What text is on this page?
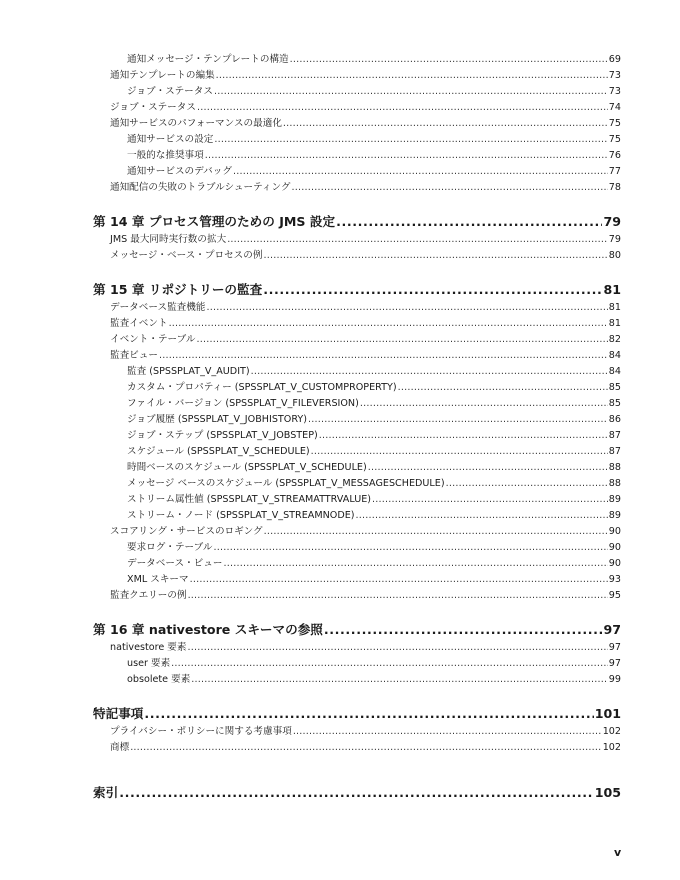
通知メッセージ・テンプレートの構造 .....	69
通知テンプレートの編集 .....	73
ジョブ・ステータス .....	73
ジョブ・ステータス .....	74
通知サービスのパフォーマンスの最適化 .....	75
通知サービスの設定 .....	75
一般的な推奨事項 .....	76
通知サービスのデバッグ .....	77
通知配信の失敗のトラブルシューティング .....	78
第 14 章 プロセス管理のための JMS 設定 .....	79
JMS 最大同時実行数の拡大 .....	79
メッセージ・ベース・プロセスの例 .....	80
第 15 章 リポジトリーの監査 .....	81
データベース監査機能 .....	81
監査イベント .....	81
イベント・テーブル .....	82
監査ビュー .....	84
監査 (SPSSPLAT_V_AUDIT) .....	84
カスタム・プロパティー (SPSSPLAT_V_CUSTOMPROPERTY) .....	85
ファイル・バージョン (SPSSPLAT_V_FILEVERSION) .....	85
ジョブ履歴 (SPSSPLAT_V_JOBHISTORY) .....	86
ジョブ・ステップ (SPSSPLAT_V_JOBSTEP) .....	87
スケジュール (SPSSPLAT_V_SCHEDULE) .....	87
時間ベースのスケジュール (SPSSPLAT_V_SCHEDULE) .....	88
メッセージ ベースのスケジュール (SPSSPLAT_V_MESSAGESCHEDULE) .....	88
ストリーム属性値 (SPSSPLAT_V_STREAMATTRVALUE) .....	89
ストリーム・ノード (SPSSPLAT_V_STREAMNODE) .....	89
スコアリング・サービスのロギング .....	90
要求ログ・テーブル .....	90
データベース・ビュー .....	90
XML スキーマ .....	93
監査クエリーの例 .....	95
第 16 章 nativestore スキーマの参照 .....	97
nativestore 要素 .....	97
user 要素 .....	97
obsolete 要素 .....	99
特記事項 .....	101
プライバシー・ポリシーに関する考慮事項 .....	102
商標 .....	102
索引 .....	105
v
